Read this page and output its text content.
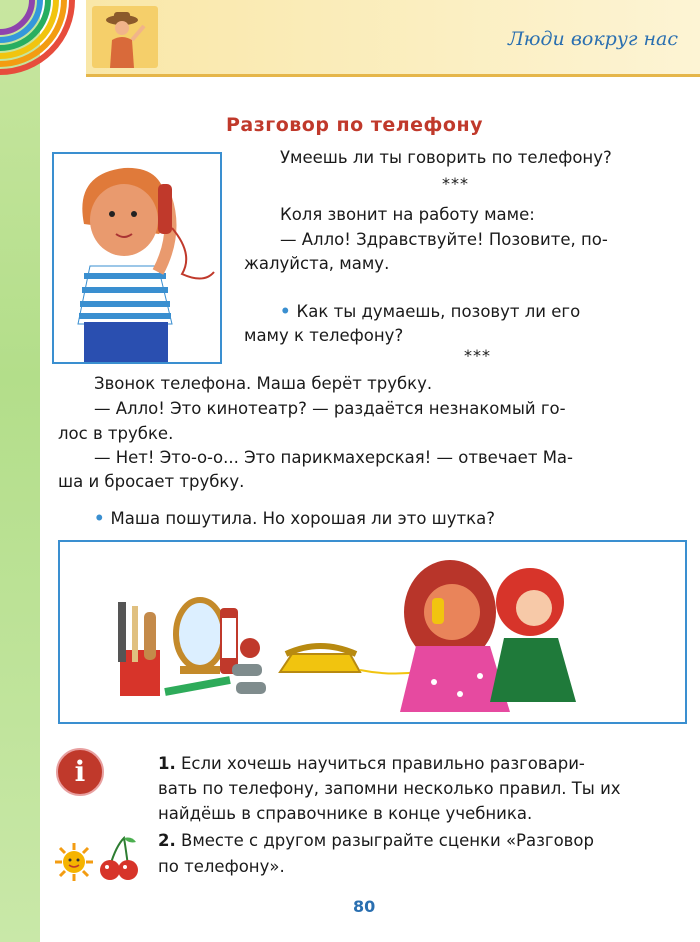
Люди вокруг нас
Разговор по телефону
Умеешь ли ты говорить по телефону?
***
Коля звонит на работу маме:
— Алло! Здравствуйте! Позовите, по-
жалуйста, маму.
• Как ты думаешь, позовут ли его
маму к телефону?
***
Звонок телефона. Маша берёт трубку.
— Алло! Это кинотеатр? — раздаётся незнакомый го-
лос в трубке.
— Нет! Это-о-о... Это парикмахерская! — отвечает Ма-
ша и бросает трубку.
• Маша пошутила. Но хорошая ли это шутка?
i	1. Если хочешь научиться правильно разговари-
вать по телефону, запомни несколько правил. Ты их
найдёшь в справочнике в конце учебника.
2. Вместе с другом разыграйте сценки «Разговор
по телефону».
80
